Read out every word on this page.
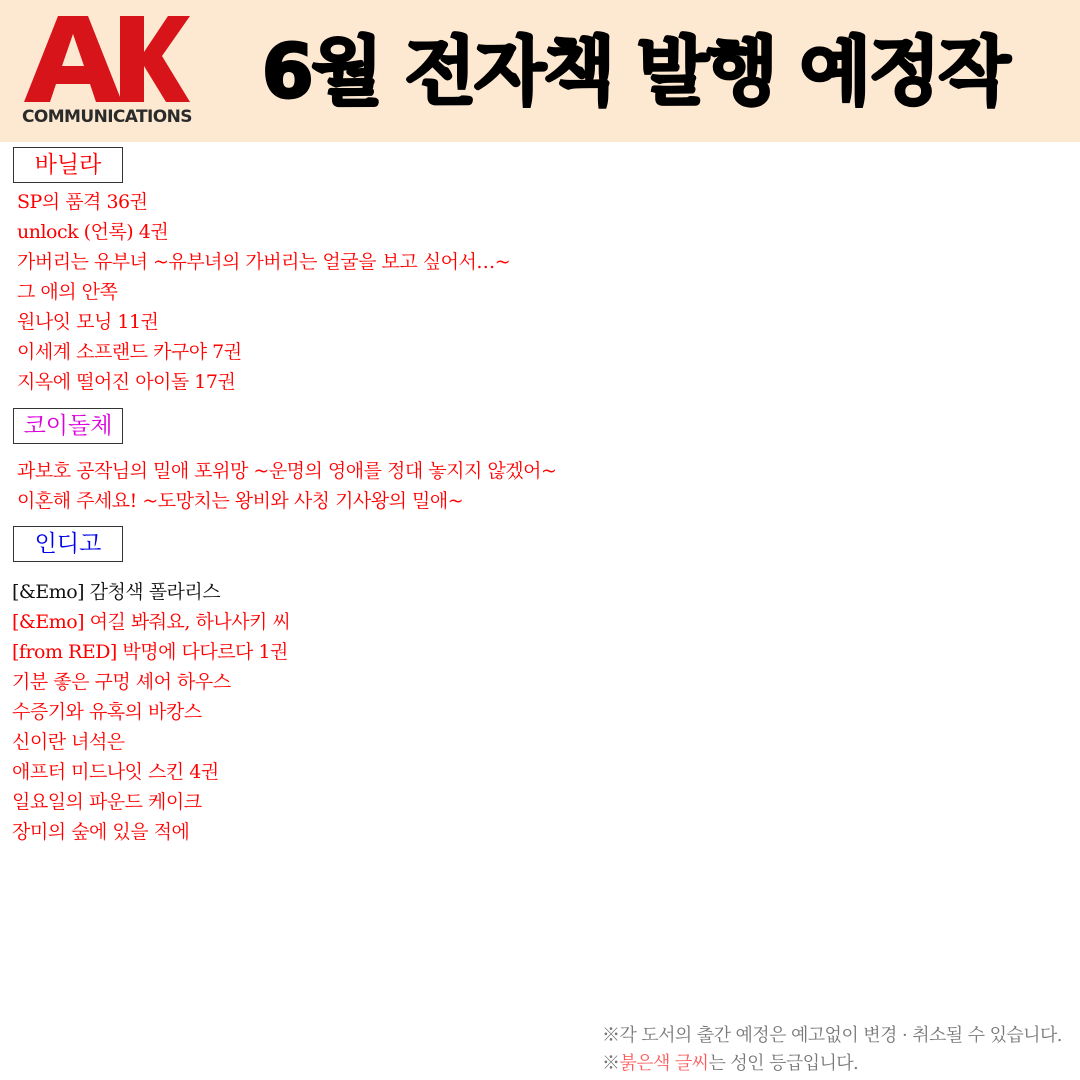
COMMUNICATIONS
6월 전자책 발행 예정작
바닐라
SP의 품격 36권
unlock (언록) 4권
가버리는 유부녀 ~유부녀의 가버리는 얼굴을 보고 싶어서…~
그 애의 안쪽
원나잇 모닝 11권
이세계 소프랜드 카구야 7권
지옥에 떨어진 아이돌 17권
코이돌체
과보호 공작님의 밀애 포위망 ~운명의 영애를 정대 놓지지 않겠어~
이혼해 주세요! ~도망치는 왕비와 사칭 기사왕의 밀애~
인디고
[&Emo] 감청색 폴라리스
[&Emo] 여길 봐줘요, 하나사키 씨
[from RED] 박명에 다다르다 1권
기분 좋은 구멍 셰어 하우스
수증기와 유혹의 바캉스
신이란 녀석은
애프터 미드나잇 스킨 4권
일요일의 파운드 케이크
장미의 숲에 있을 적에
※각 도서의 출간 예정은 예고없이 변경 · 취소될 수 있습니다.
※붉은색 글씨는 성인 등급입니다.
